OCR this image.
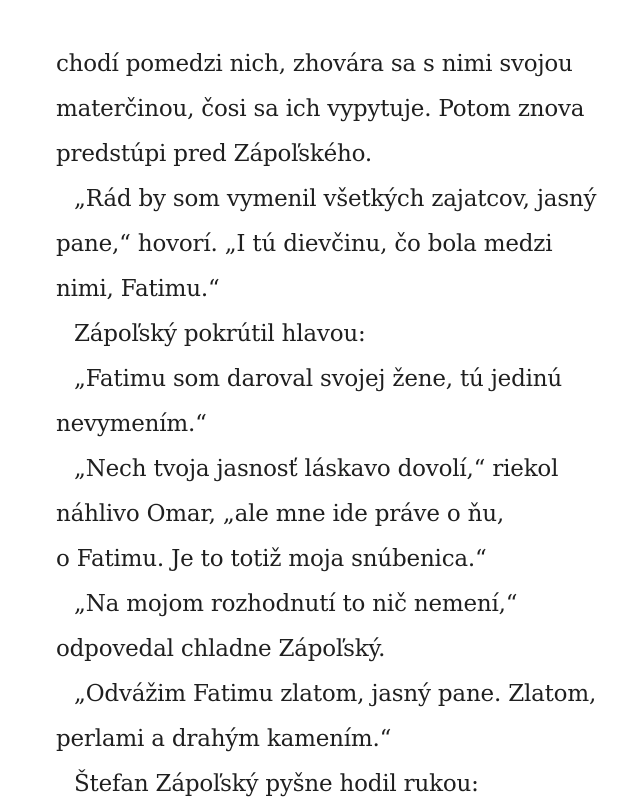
chodí pomedzi nich, zhovára sa s nimi svojou
materčinou, čosi sa ich vypytuje. Potom znova
predstúpi pred Zápoľského.
„Rád by som vymenil všetkých zajatcov, jasný
pane,“ hovorí. „I tú dievčinu, čo bola medzi
nimi, Fatimu.“
Zápoľský pokrútil hlavou:
„Fatimu som daroval svojej žene, tú jedinú
nevymením.“
„Nech tvoja jasnosť láskavo dovolí,“ riekol
náhlivo Omar, „ale mne ide práve o ňu,
o Fatimu. Je to totiž moja snúbenica.“
„Na mojom rozhodnutí to nič nemení,“
odpovedal chladne Zápoľský.
„Odvážim Fatimu zlatom, jasný pane. Zlatom,
perlami a drahým kamením.“
Štefan Zápoľský pyšne hodil rukou:
